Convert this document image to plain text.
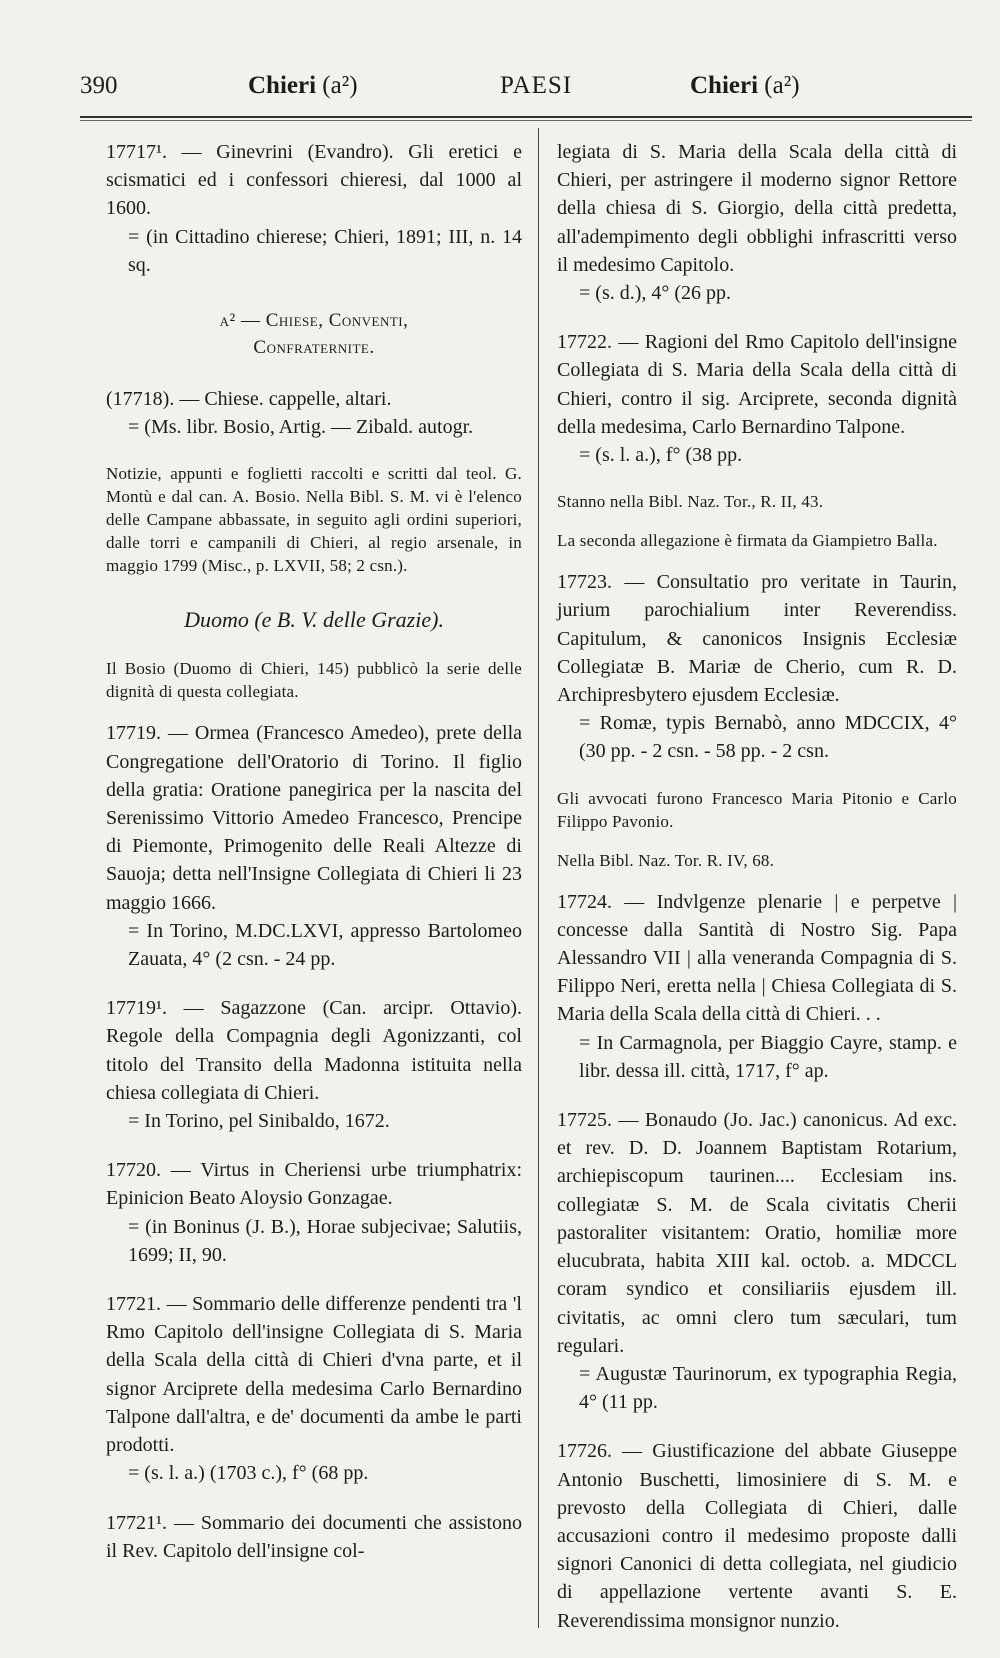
390	Chieri (a²)	PAESI	Chieri (a²)

17717¹. — Ginevrini (Evandro). Gli eretici e scismatici ed i confessori chieresi, dal 1000 al 1600.

= (in Cittadino chierese; Chieri, 1891; III, n. 14 sq.

a² — Chiese, Conventi,

Confraternite.

(17718). — Chiese. cappelle, altari.

= (Ms. libr. Bosio, Artig. — Zibald. autogr.

Notizie, appunti e foglietti raccolti e scritti dal teol. G. Montù e dal can. A. Bosio. Nella Bibl. S. M. vi è l'elenco delle Campane abbassate, in seguito agli ordini superiori, dalle torri e campanili di Chieri, al regio arsenale, in maggio 1799 (Misc., p. LXVII, 58; 2 csn.).

Duomo (e B. V. delle Grazie).

Il Bosio (Duomo di Chieri, 145) pubblicò la serie delle dignità di questa collegiata.

17719. — Ormea (Francesco Amedeo), prete della Congregatione dell'Oratorio di Torino. Il figlio della gratia: Oratione panegirica per la nascita del Serenissimo Vittorio Amedeo Francesco, Prencipe di Piemonte, Primogenito delle Reali Altezze di Sauoja; detta nell'Insigne Collegiata di Chieri li 23 maggio 1666.

= In Torino, M.DC.LXVI, appresso Bartolomeo Zauata, 4° (2 csn. - 24 pp.

17719¹. — Sagazzone (Can. arcipr. Ottavio). Regole della Compagnia degli Agonizzanti, col titolo del Transito della Madonna istituita nella chiesa collegiata di Chieri.

= In Torino, pel Sinibaldo, 1672.

17720. — Virtus in Cheriensi urbe triumphatrix: Epinicion Beato Aloysio Gonzagae.

= (in Boninus (J. B.), Horae subjecivae; Salutiis, 1699; II, 90.

17721. — Sommario delle differenze pendenti tra 'l Rmo Capitolo dell'insigne Collegiata di S. Maria della Scala della città di Chieri d'vna parte, et il signor Arciprete della medesima Carlo Bernardino Talpone dall'altra, e de' documenti da ambe le parti prodotti.

= (s. l. a.) (1703 c.), f° (68 pp.

17721¹. — Sommario dei documenti che assistono il Rev. Capitolo dell'insigne col-

legiata di S. Maria della Scala della città di Chieri, per astringere il moderno signor Rettore della chiesa di S. Giorgio, della città predetta, all'adempimento degli obblighi infrascritti verso il medesimo Capitolo.

= (s. d.), 4° (26 pp.

17722. — Ragioni del Rmo Capitolo dell'insigne Collegiata di S. Maria della Scala della città di Chieri, contro il sig. Arciprete, seconda dignità della medesima, Carlo Bernardino Talpone.

= (s. l. a.), f° (38 pp.

Stanno nella Bibl. Naz. Tor., R. II, 43.

La seconda allegazione è firmata da Giampietro Balla.

17723. — Consultatio pro veritate in Taurin, jurium parochialium inter Reverendiss. Capitulum, & canonicos Insignis Ecclesiæ Collegiatæ B. Mariæ de Cherio, cum R. D. Archipresbytero ejusdem Ecclesiæ.

= Romæ, typis Bernabò, anno MDCCIX, 4° (30 pp. - 2 csn. - 58 pp. - 2 csn.

Gli avvocati furono Francesco Maria Pitonio e Carlo Filippo Pavonio.

Nella Bibl. Naz. Tor. R. IV, 68.

17724. — Indvlgenze plenarie | e perpetve | concesse dalla Santità di Nostro Sig. Papa Alessandro VII | alla veneranda Compagnia di S. Filippo Neri, eretta nella | Chiesa Collegiata di S. Maria della Scala della città di Chieri. . .

= In Carmagnola, per Biaggio Cayre, stamp. e libr. dessa ill. città, 1717, f° ap.

17725. — Bonaudo (Jo. Jac.) canonicus. Ad exc. et rev. D. D. Joannem Baptistam Rotarium, archiepiscopum taurinen.... Ecclesiam ins. collegiatæ S. M. de Scala civitatis Cherii pastoraliter visitantem: Oratio, homiliæ more elucubrata, habita XIII kal. octob. a. MDCCL coram syndico et consiliariis ejusdem ill. civitatis, ac omni clero tum sæculari, tum regulari.

= Augustæ Taurinorum, ex typographia Regia, 4° (11 pp.

17726. — Giustificazione del abbate Giuseppe Antonio Buschetti, limosiniere di S. M. e prevosto della Collegiata di Chieri, dalle accusazioni contro il medesimo proposte dalli signori Canonici di detta collegiata, nel giudicio di appellazione vertente avanti S. E. Reverendissima monsignor nunzio.
